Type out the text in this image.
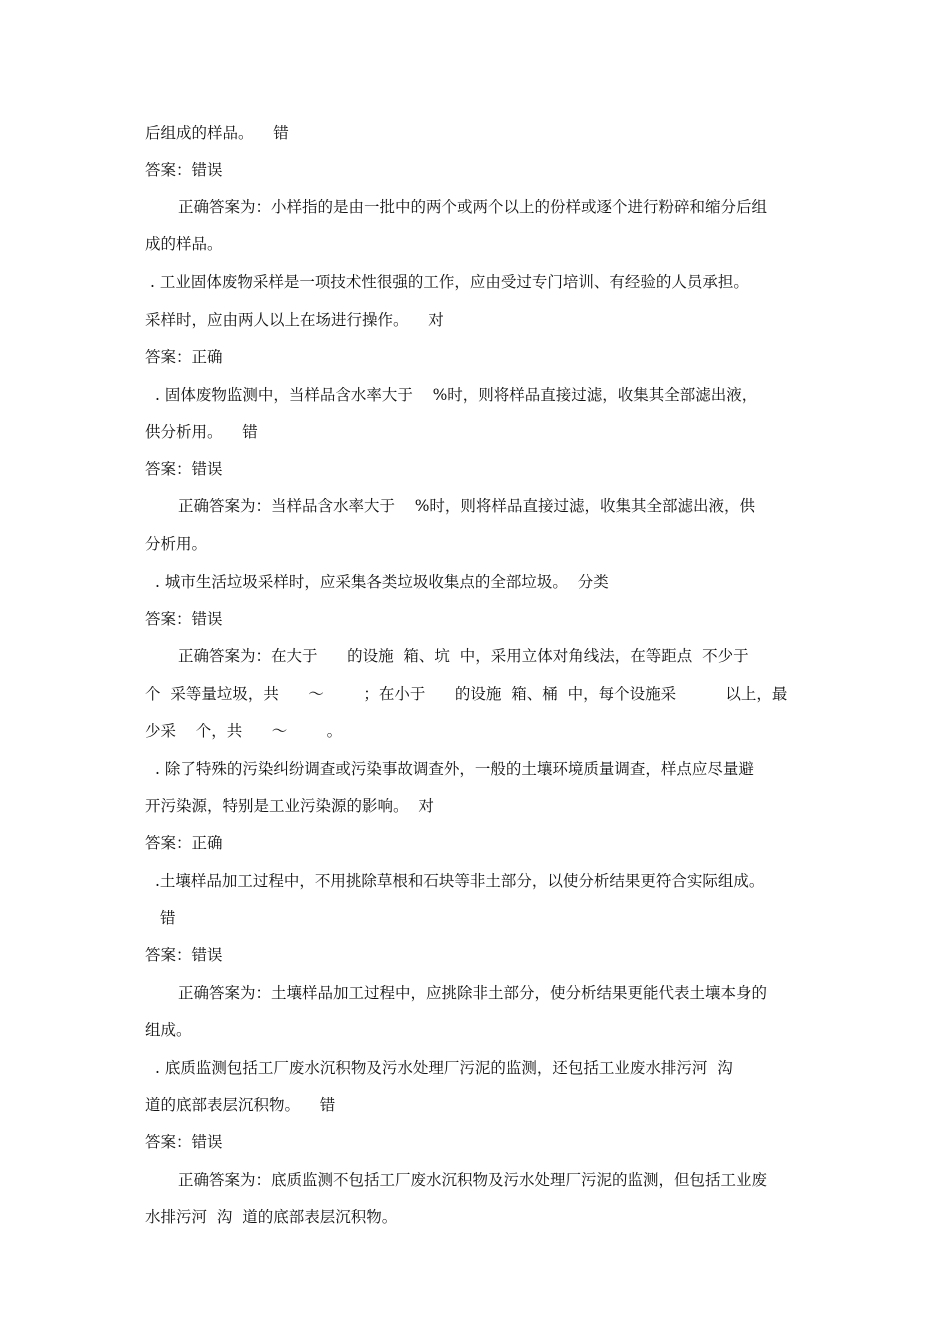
后组成的样品。    错
答案：错误
正确答案为：小样指的是由一批中的两个或两个以上的份样或逐个进行粉碎和缩分后组
成的样品。
. 工业固体废物采样是一项技术性很强的工作，应由受过专门培训、有经验的人员承担。
采样时，应由两人以上在场进行操作。    对
答案：正确
. 固体废物监测中，当样品含水率大于    %时，则将样品直接过滤，收集其全部滤出液，
供分析用。    错
答案：错误
正确答案为：当样品含水率大于    %时，则将样品直接过滤，收集其全部滤出液，供
分析用。
. 城市生活垃圾采样时，应采集各类垃圾收集点的全部垃圾。  分类
答案：错误
正确答案为：在大于      的设施  箱、坑  中，采用立体对角线法，在等距点  不少于
个  采等量垃圾，共      ～        ；在小于      的设施  箱、桶  中，每个设施采          以上，最
少采    个，共      ～        。
. 除了特殊的污染纠纷调查或污染事故调查外，一般的土壤环境质量调查，样点应尽量避
开污染源，特别是工业污染源的影响。  对
答案：正确
.土壤样品加工过程中，不用挑除草根和石块等非土部分，以使分析结果更符合实际组成。
错
答案：错误
正确答案为：土壤样品加工过程中，应挑除非土部分，使分析结果更能代表土壤本身的
组成。
. 底质监测包括工厂废水沉积物及污水处理厂污泥的监测，还包括工业废水排污河  沟
道的底部表层沉积物。    错
答案：错误
正确答案为：底质监测不包括工厂废水沉积物及污水处理厂污泥的监测，但包括工业废
水排污河  沟  道的底部表层沉积物。
